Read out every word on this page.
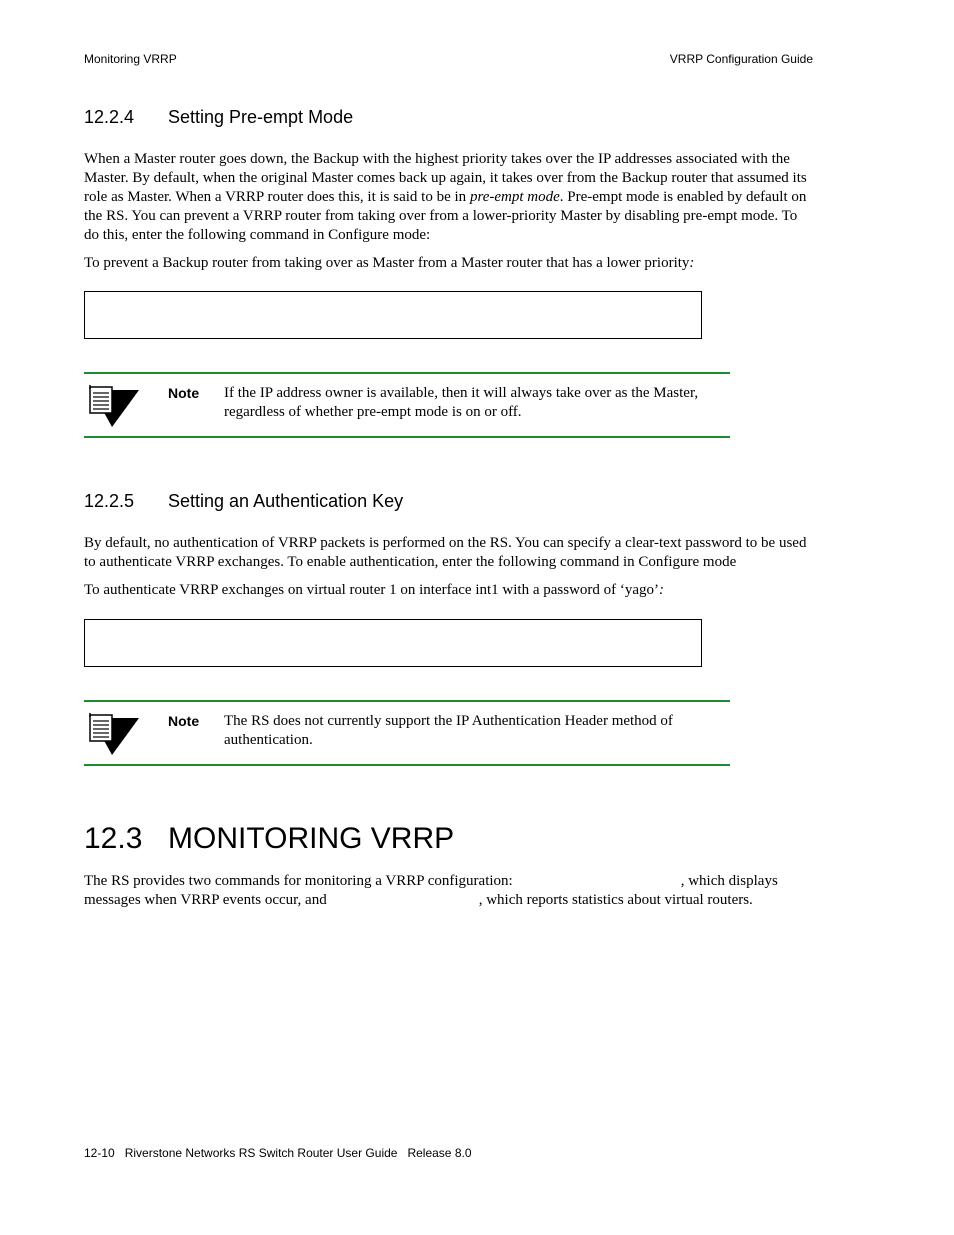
Monitoring VRRP	VRRP Configuration Guide
12.2.4 Setting Pre-empt Mode

When a Master router goes down, the Backup with the highest priority takes over the IP addresses associated with the Master. By default, when the original Master comes back up again, it takes over from the Backup router that assumed its role as Master. When a VRRP router does this, it is said to be in pre-empt mode. Pre-empt mode is enabled by default on the RS. You can prevent a VRRP router from taking over from a lower-priority Master by disabling pre-empt mode. To do this, enter the following command in Configure mode:

To prevent a Backup router from taking over as Master from a Master router that has a lower priority:

Note If the IP address owner is available, then it will always take over as the Master, regardless of whether pre-empt mode is on or off.
12.2.5 Setting an Authentication Key

By default, no authentication of VRRP packets is performed on the RS. You can specify a clear-text password to be used to authenticate VRRP exchanges. To enable authentication, enter the following command in Configure mode

To authenticate VRRP exchanges on virtual router 1 on interface int1 with a password of ‘yago’:

Note The RS does not currently support the IP Authentication Header method of authentication.
12.3 MONITORING VRRP

The RS provides two commands for monitoring a VRRP configuration:	, which displays messages when VRRP events occur, and	, which reports statistics about virtual routers.

12-10   Riverstone Networks RS Switch Router User Guide   Release 8.0
